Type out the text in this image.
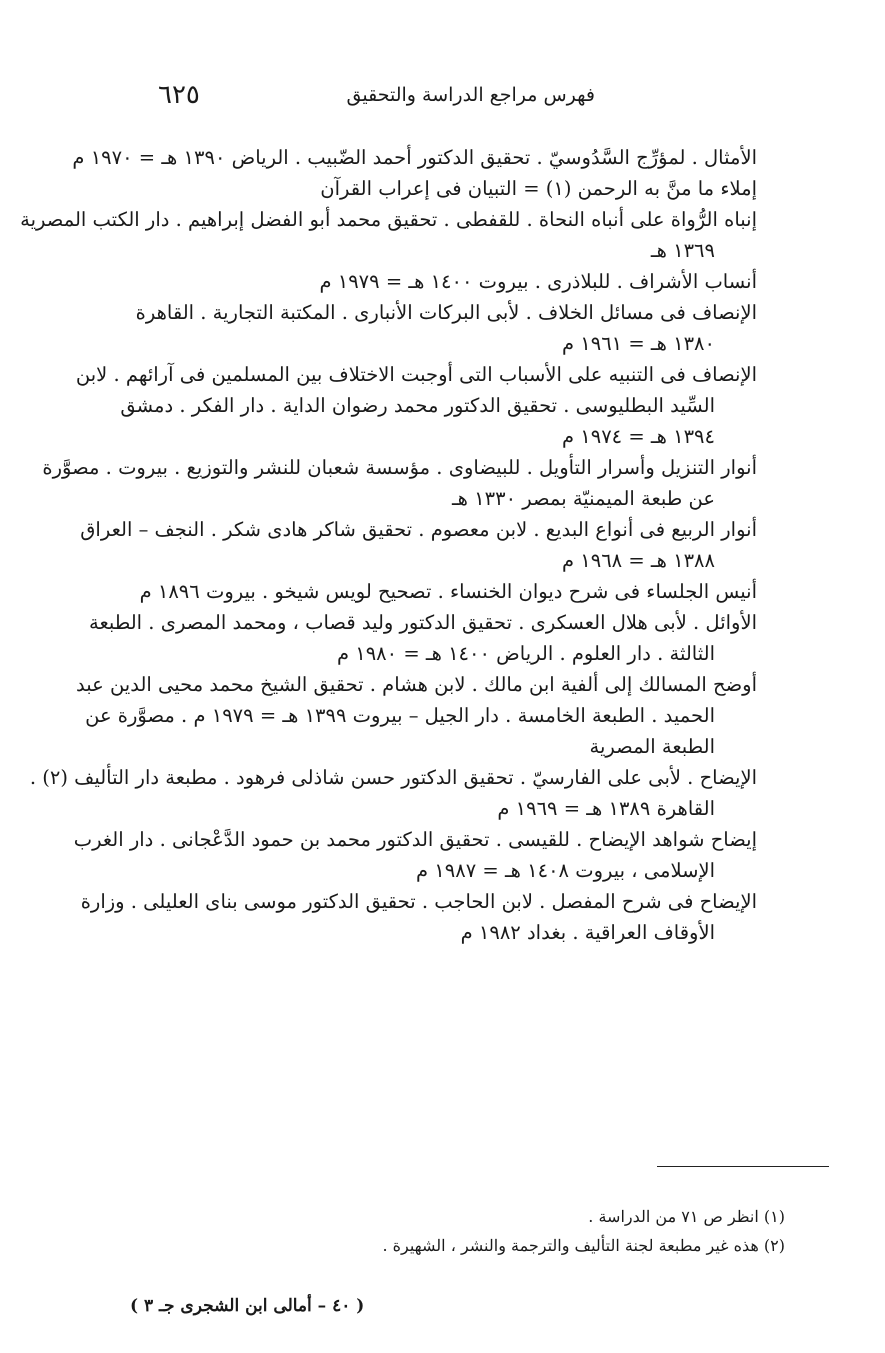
٦٢٥	فهرس مراجع الدراسة والتحقيق
الأمثال . لمؤرِّج السَّدُوسيّ . تحقيق الدكتور أحمد الضّبيب . الرياض ١٣٩٠ هـ = ١٩٧٠ م
إملاء ما منَّ به الرحمن (١) = التبيان فى إعراب القرآن
إنباه الرُّواة على أنباه النحاة . للقفطى . تحقيق محمد أبو الفضل إبراهيم . دار الكتب المصرية
١٣٦٩ هـ
أنساب الأشراف . للبلاذرى . بيروت ١٤٠٠ هـ = ١٩٧٩ م
الإنصاف فى مسائل الخلاف . لأبى البركات الأنبارى . المكتبة التجارية . القاهرة
١٣٨٠ هـ = ١٩٦١ م
الإنصاف فى التنبيه على الأسباب التى أوجبت الاختلاف بين المسلمين فى آرائهم . لابن
السِّيد البطليوسى . تحقيق الدكتور محمد رضوان الداية . دار الفكر . دمشق
١٣٩٤ هـ = ١٩٧٤ م
أنوار التنزيل وأسرار التأويل . للبيضاوى . مؤسسة شعبان للنشر والتوزيع . بيروت . مصوَّرة
عن طبعة الميمنيّة بمصر ١٣٣٠ هـ
أنوار الربيع فى أنواع البديع . لابن معصوم . تحقيق شاكر هادى شكر . النجف – العراق
١٣٨٨ هـ = ١٩٦٨ م
أنيس الجلساء فى شرح ديوان الخنساء . تصحيح لويس شيخو . بيروت ١٨٩٦ م
الأوائل . لأبى هلال العسكرى . تحقيق الدكتور وليد قصاب ، ومحمد المصرى . الطبعة
الثالثة . دار العلوم . الرياض ١٤٠٠ هـ = ١٩٨٠ م
أوضح المسالك إلى ألفية ابن مالك . لابن هشام . تحقيق الشيخ محمد محيى الدين عبد
الحميد . الطبعة الخامسة . دار الجيل – بيروت ١٣٩٩ هـ = ١٩٧٩ م . مصوَّرة عن
الطبعة المصرية
الإيضاح . لأبى على الفارسيّ . تحقيق الدكتور حسن شاذلى فرهود . مطبعة دار التأليف (٢) .
القاهرة ١٣٨٩ هـ = ١٩٦٩ م
إيضاح شواهد الإيضاح . للقيسى . تحقيق الدكتور محمد بن حمود الدَّعْجانى . دار الغرب
الإسلامى ، بيروت ١٤٠٨ هـ = ١٩٨٧ م
الإيضاح فى شرح المفصل . لابن الحاجب . تحقيق الدكتور موسى بناى العليلى . وزارة
الأوقاف العراقية . بغداد ١٩٨٢ م
(١) انظر ص ٧١ من الدراسة .
(٢) هذه غير مطبعة لجنة التأليف والترجمة والنشر ، الشهيرة .
( ٤٠ – أمالى ابن الشجرى جـ ٣ )
